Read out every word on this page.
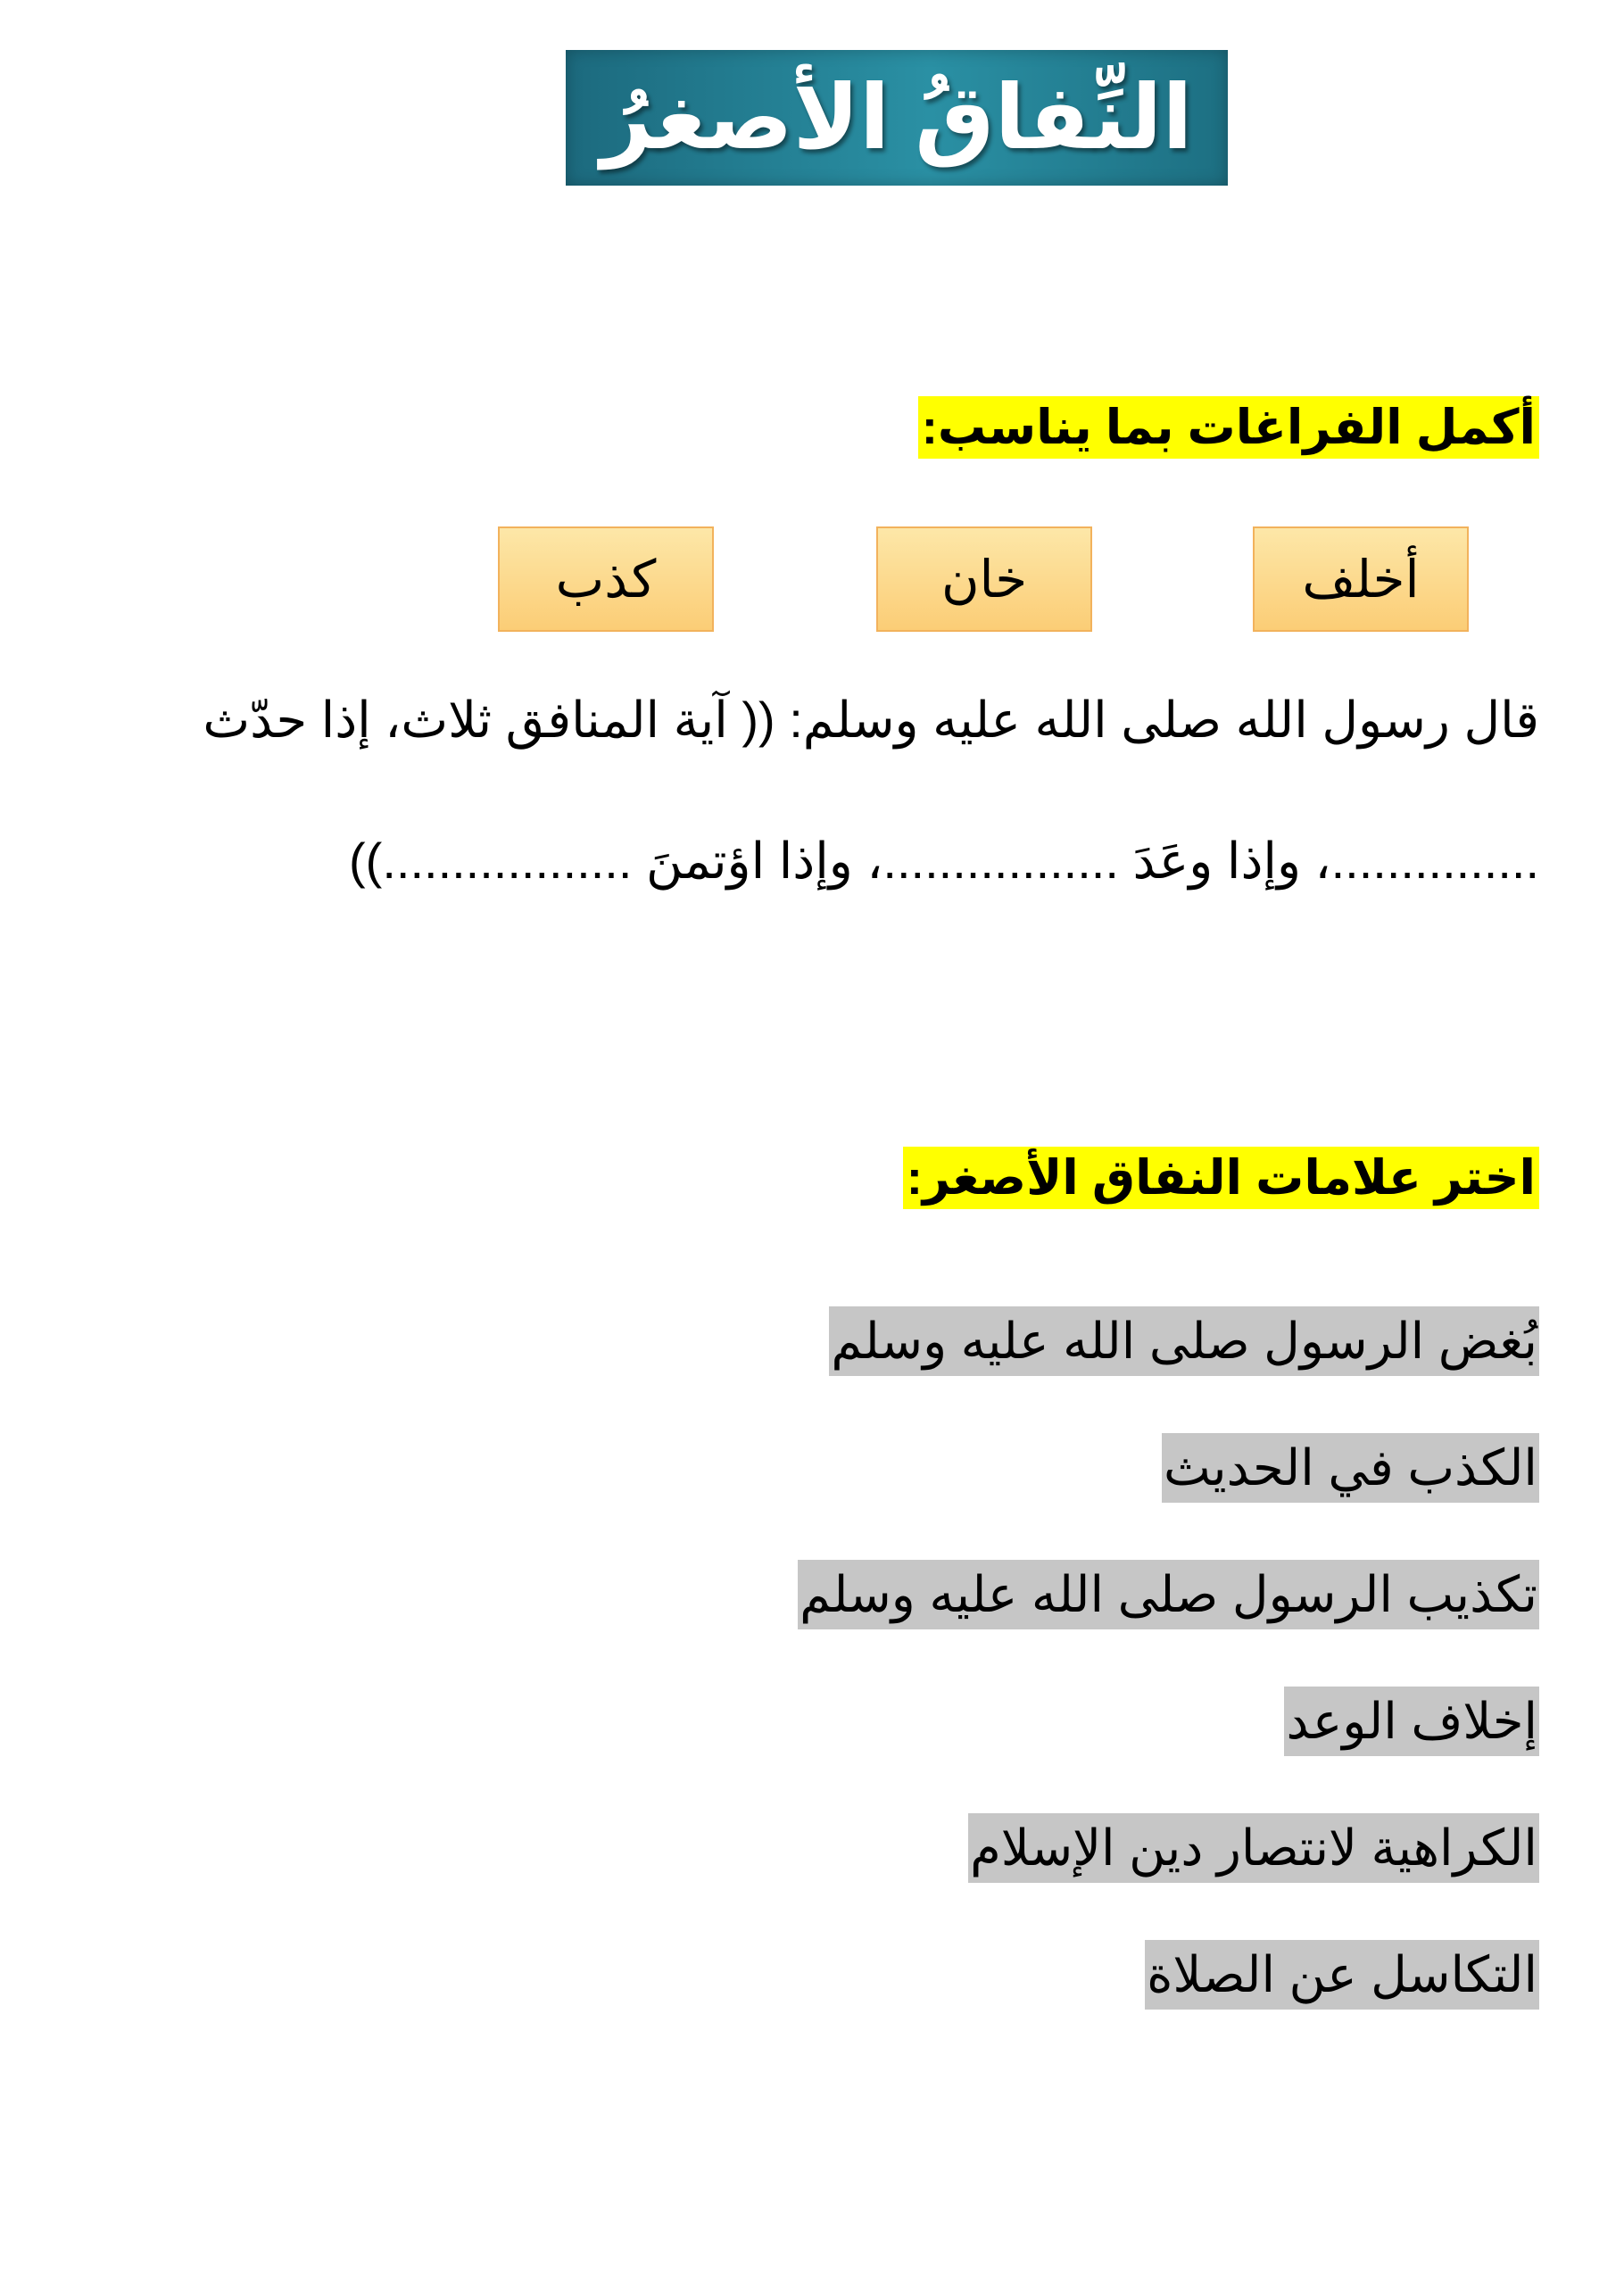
النِّفاقُ الأصغرُ
أكمل الفراغات بما يناسب:
أخلف
خان
كذب
قال رسول الله صلى الله عليه وسلم: (( آية المنافق ثلاث، إذا حدّث
...............، وإذا وعَدَ .................، وإذا اؤتمنَ ..................))
اختر علامات النفاق الأصغر:
بُغض الرسول صلى الله عليه وسلم
الكذب في الحديث
تكذيب الرسول صلى الله عليه وسلم
إخلاف الوعد
الكراهية لانتصار دين الإسلام
التكاسل عن الصلاة
